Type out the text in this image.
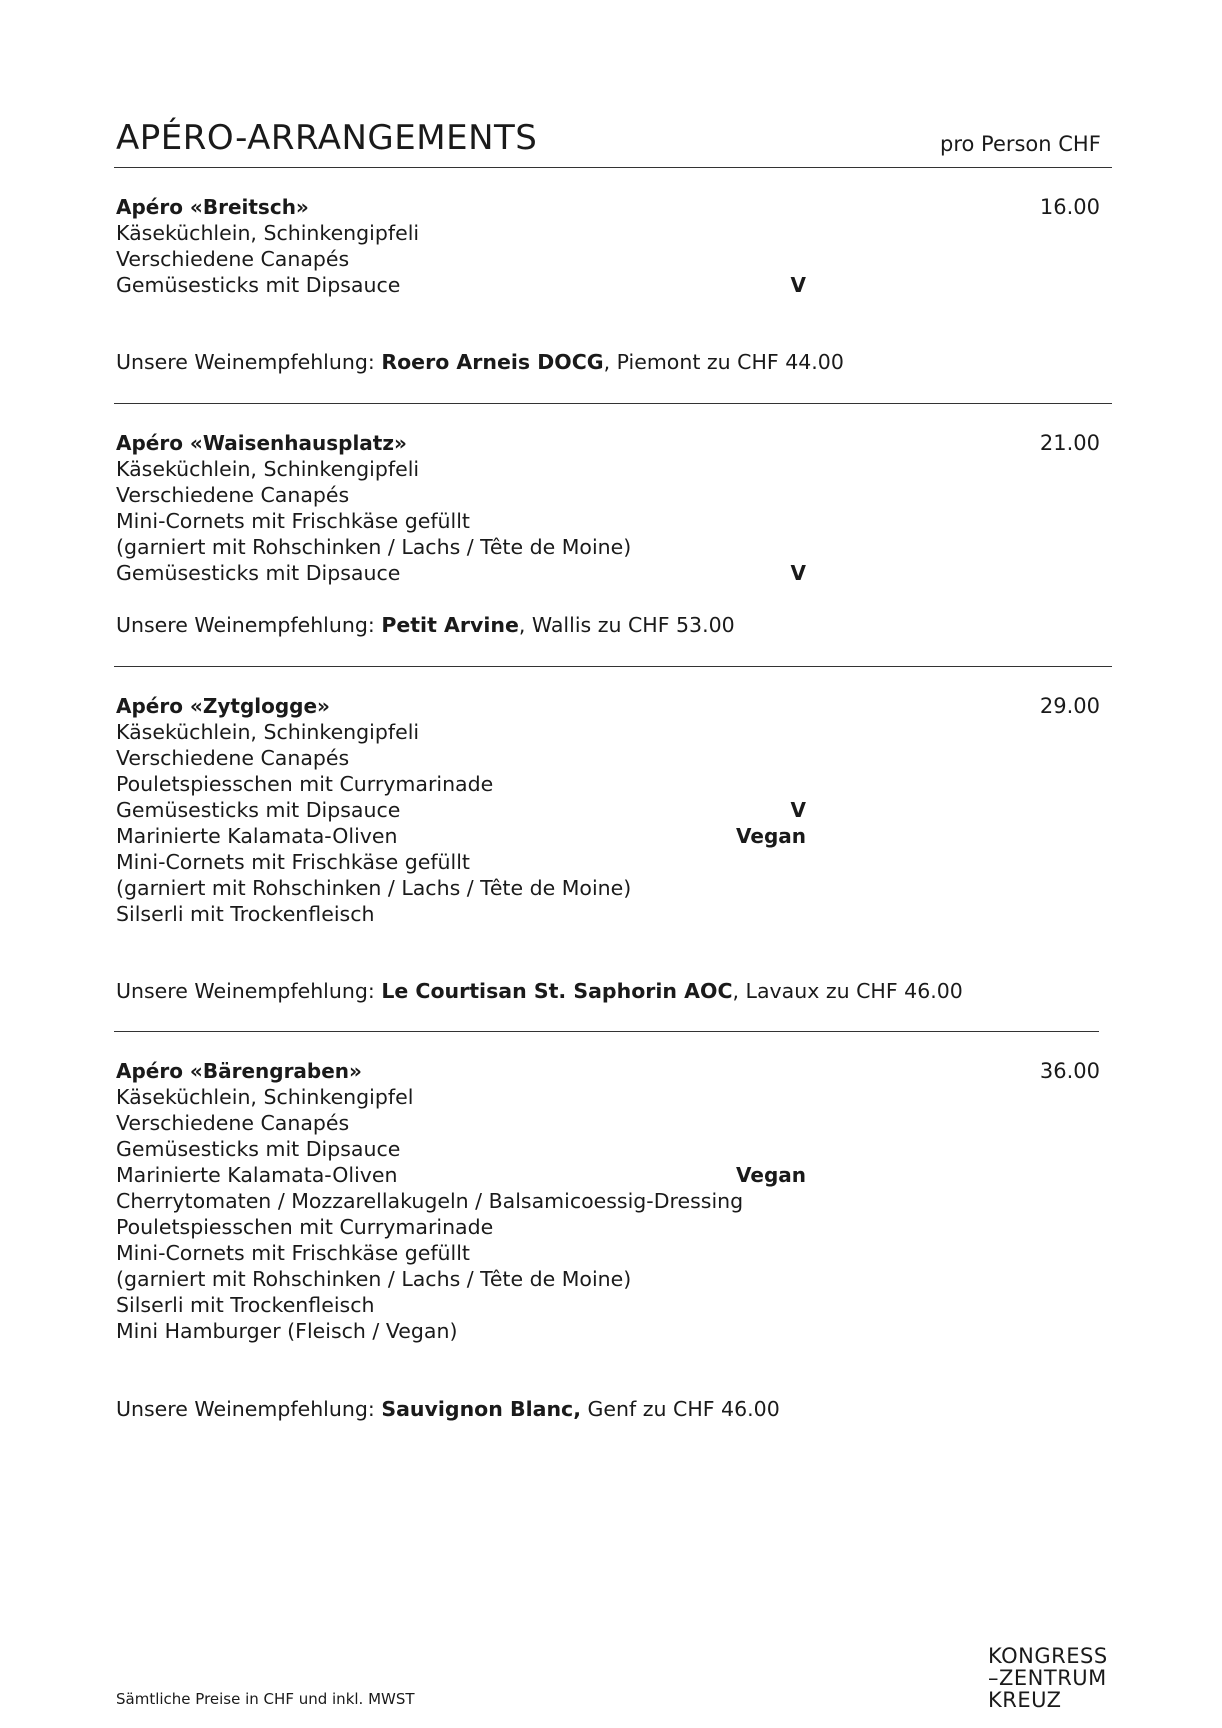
APÉRO-ARRANGEMENTS	pro Person CHF
Apéro «Breitsch»	16.00
Käseküchlein, Schinkengipfeli
Verschiedene Canapés
Gemüsesticks mit Dipsauce	V
Unsere Weinempfehlung: Roero Arneis DOCG, Piemont zu CHF 44.00
Apéro «Waisenhausplatz»	21.00
Käseküchlein, Schinkengipfeli
Verschiedene Canapés
Mini-Cornets mit Frischkäse gefüllt
(garniert mit Rohschinken / Lachs / Tête de Moine)
Gemüsesticks mit Dipsauce	V
Unsere Weinempfehlung: Petit Arvine, Wallis zu CHF 53.00
Apéro «Zytglogge»	29.00
Käseküchlein, Schinkengipfeli
Verschiedene Canapés
Pouletspiesschen mit Currymarinade
Gemüsesticks mit Dipsauce	V
Marinierte Kalamata-Oliven	Vegan
Mini-Cornets mit Frischkäse gefüllt
(garniert mit Rohschinken / Lachs / Tête de Moine)
Silserli mit Trockenfleisch
Unsere Weinempfehlung: Le Courtisan St. Saphorin AOC, Lavaux zu CHF 46.00
Apéro «Bärengraben»	36.00
Käseküchlein, Schinkengipfel
Verschiedene Canapés
Gemüsesticks mit Dipsauce
Marinierte Kalamata-Oliven	Vegan
Cherrytomaten / Mozzarellakugeln / Balsamicoessig-Dressing
Pouletspiesschen mit Currymarinade
Mini-Cornets mit Frischkäse gefüllt
(garniert mit Rohschinken / Lachs / Tête de Moine)
Silserli mit Trockenfleisch
Mini Hamburger (Fleisch / Vegan)
Unsere Weinempfehlung: Sauvignon Blanc, Genf zu CHF 46.00
Sämtliche Preise in CHF und inkl. MWST
KONGRESS
–ZENTRUM
KREUZ
